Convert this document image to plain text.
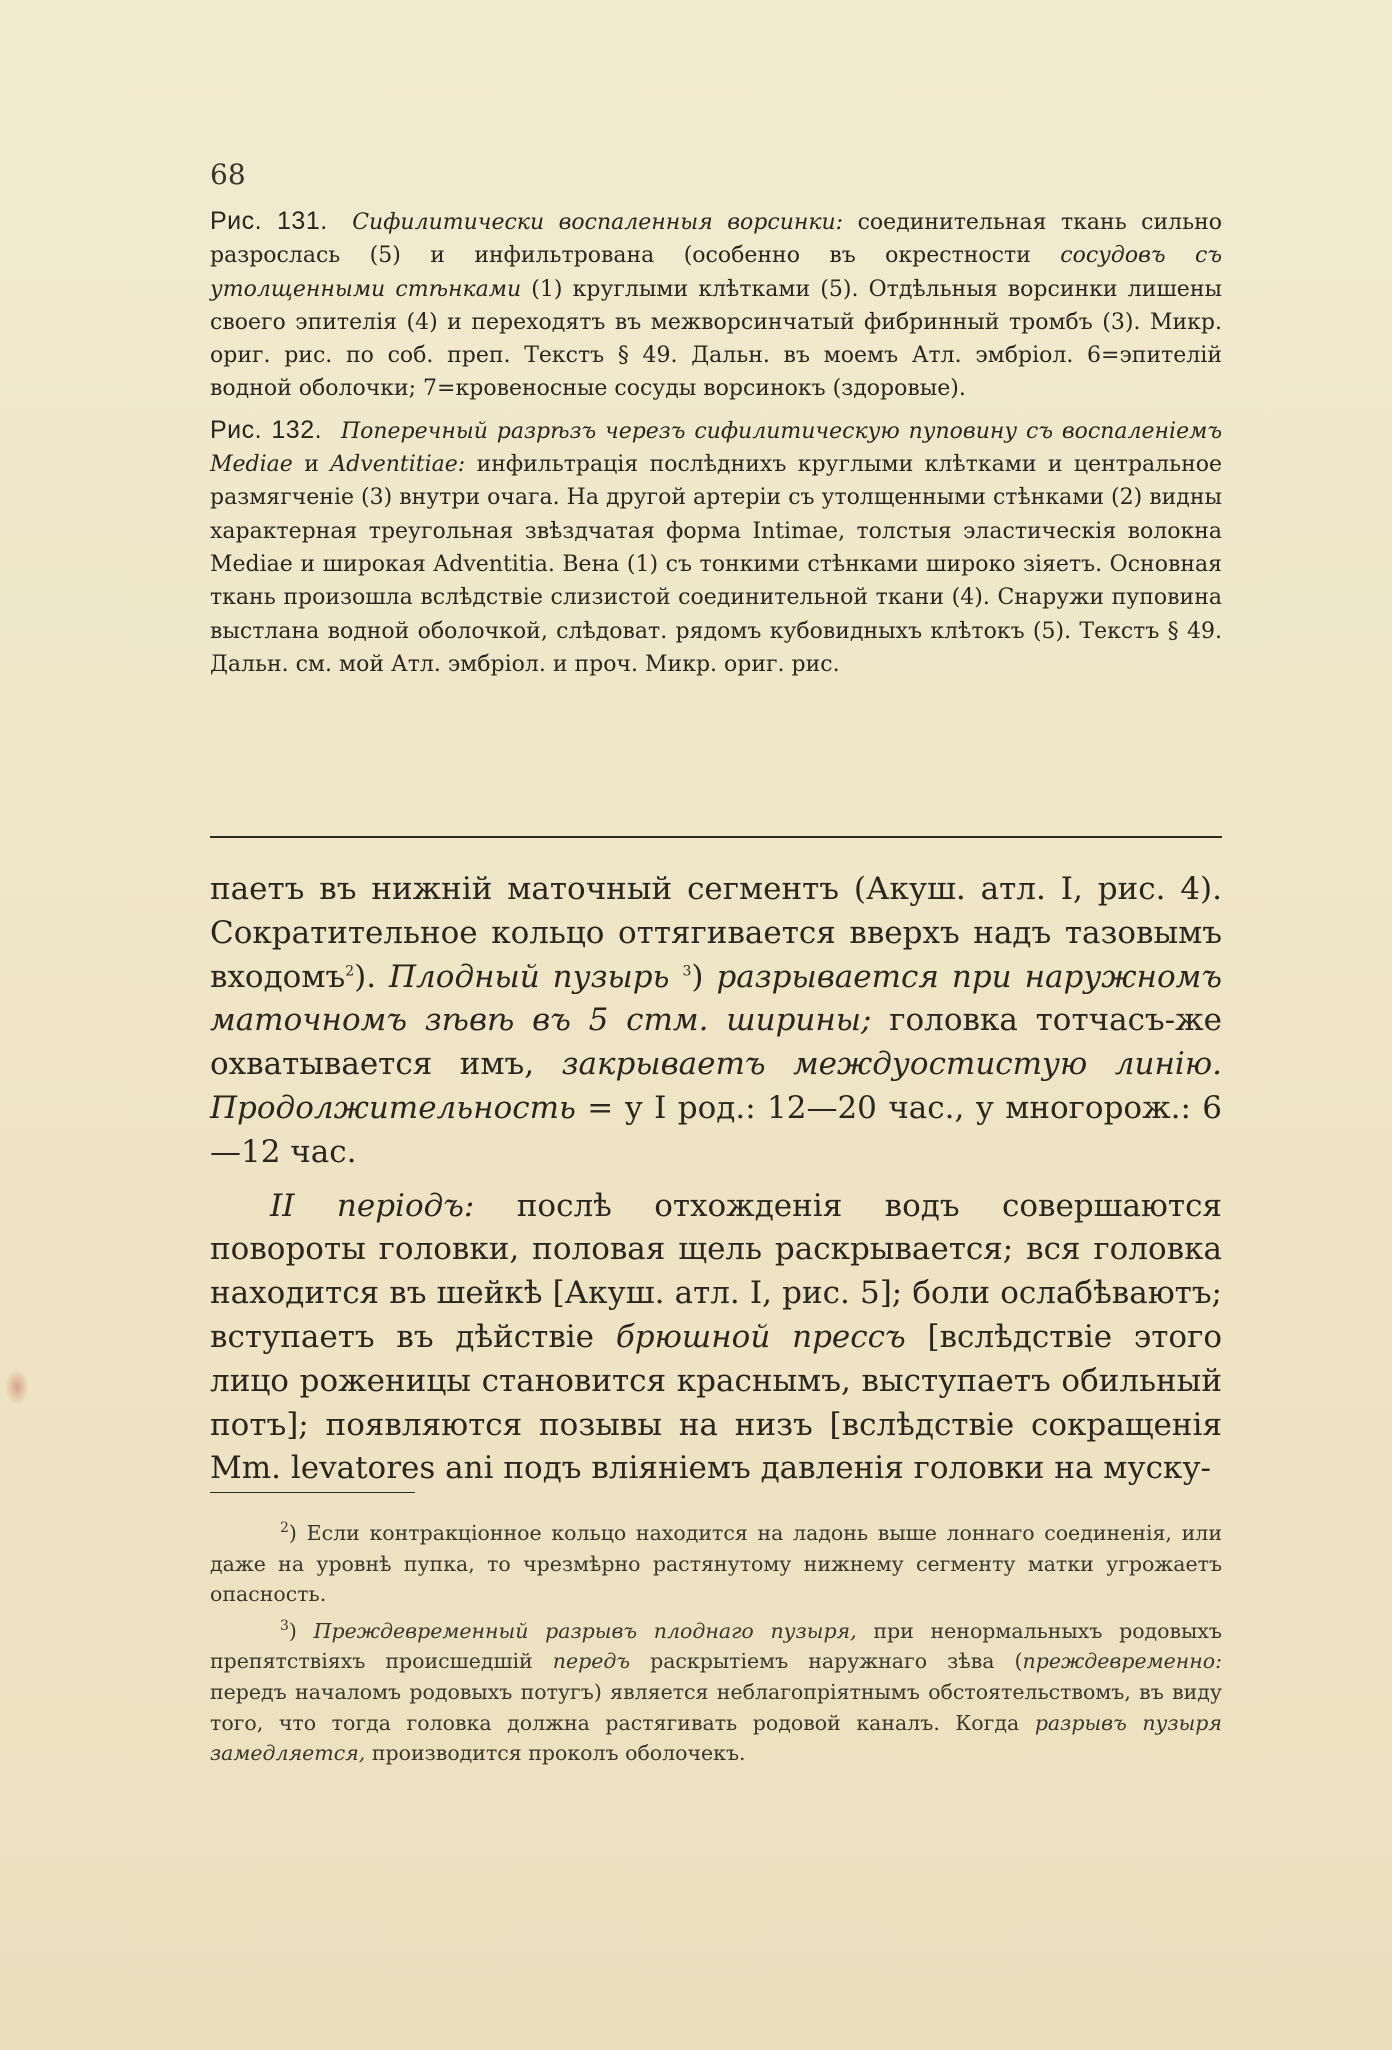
68

Рис. 131. Сифилитически воспаленныя ворсинки: соединительная ткань сильно разрослась (5) и инфильтрована (особенно въ окрестности сосудовъ съ утолщенными стѣнками (1) круглыми клѣтками (5). Отдѣльныя ворсинки лишены своего эпителія (4) и переходятъ въ межворсинчатый фибринный тромбъ (3). Микр. ориг. рис. по соб. преп. Текстъ § 49. Дальн. въ моемъ Атл. эмбріол. 6=эпителій водной оболочки; 7=кровеносные сосуды ворсинокъ (здоровые).

Рис. 132. Поперечный разрѣзъ черезъ сифилитическую пуповину съ воспаленіемъ Mediae и Adventitiae: инфильтрація послѣднихъ круглыми клѣтками и центральное размягченіе (3) внутри очага. На другой артеріи съ утолщенными стѣнками (2) видны характерная треугольная звѣздчатая форма Intimae, толстыя эластическія волокна Mediae и широкая Adventitia. Вена (1) съ тонкими стѣнками широко зіяетъ. Основная ткань произошла вслѣдствіе слизистой соединительной ткани (4). Снаружи пуповина выстлана водной оболочкой, слѣдоват. рядомъ кубовидныхъ клѣтокъ (5). Текстъ § 49. Дальн. см. мой Атл. эмбріол. и проч. Микр. ориг. рис.

паетъ въ нижній маточный сегментъ (Акуш. атл. I, рис. 4). Сократительное кольцо оттягивается вверхъ надъ тазовымъ входомъ$^2$). Плодный пузырь $^3$) разрывается при наружномъ маточномъ зѣвѣ въ 5 стм. ширины; головка тотчасъ-же охватывается имъ, закрываетъ междуостистую линію. Продолжительность = у I род.: 12—20 час., у многорож.: 6—12 час.

II періодъ: послѣ отхожденія водъ совершаются повороты головки, половая щель раскрывается; вся головка находится въ шейкѣ [Акуш. атл. I, рис. 5]; боли ослабѣваютъ; вступаетъ въ дѣйствіе брюшной прессъ [вслѣдствіе этого лицо роженицы становится краснымъ, выступаетъ обильный потъ]; появляются позывы на низъ [вслѣдствіе сокращенія Mm. levatores ani подъ вліяніемъ давленія головки на муску-

$^2$) Если контракціонное кольцо находится на ладонь выше лоннаго соединенія, или даже на уровнѣ пупка, то чрезмѣрно растянутому нижнему сегменту матки угрожаетъ опасность.

$^3$) Преждевременный разрывъ плоднаго пузыря, при ненормальныхъ родовыхъ препятствіяхъ происшедшій передъ раскрытіемъ наружнаго зѣва (преждевременно: передъ началомъ родовыхъ потугъ) является неблагопріятнымъ обстоятельствомъ, въ виду того, что тогда головка должна растягивать родовой каналъ. Когда разрывъ пузыря замедляется, производится проколъ оболочекъ.
